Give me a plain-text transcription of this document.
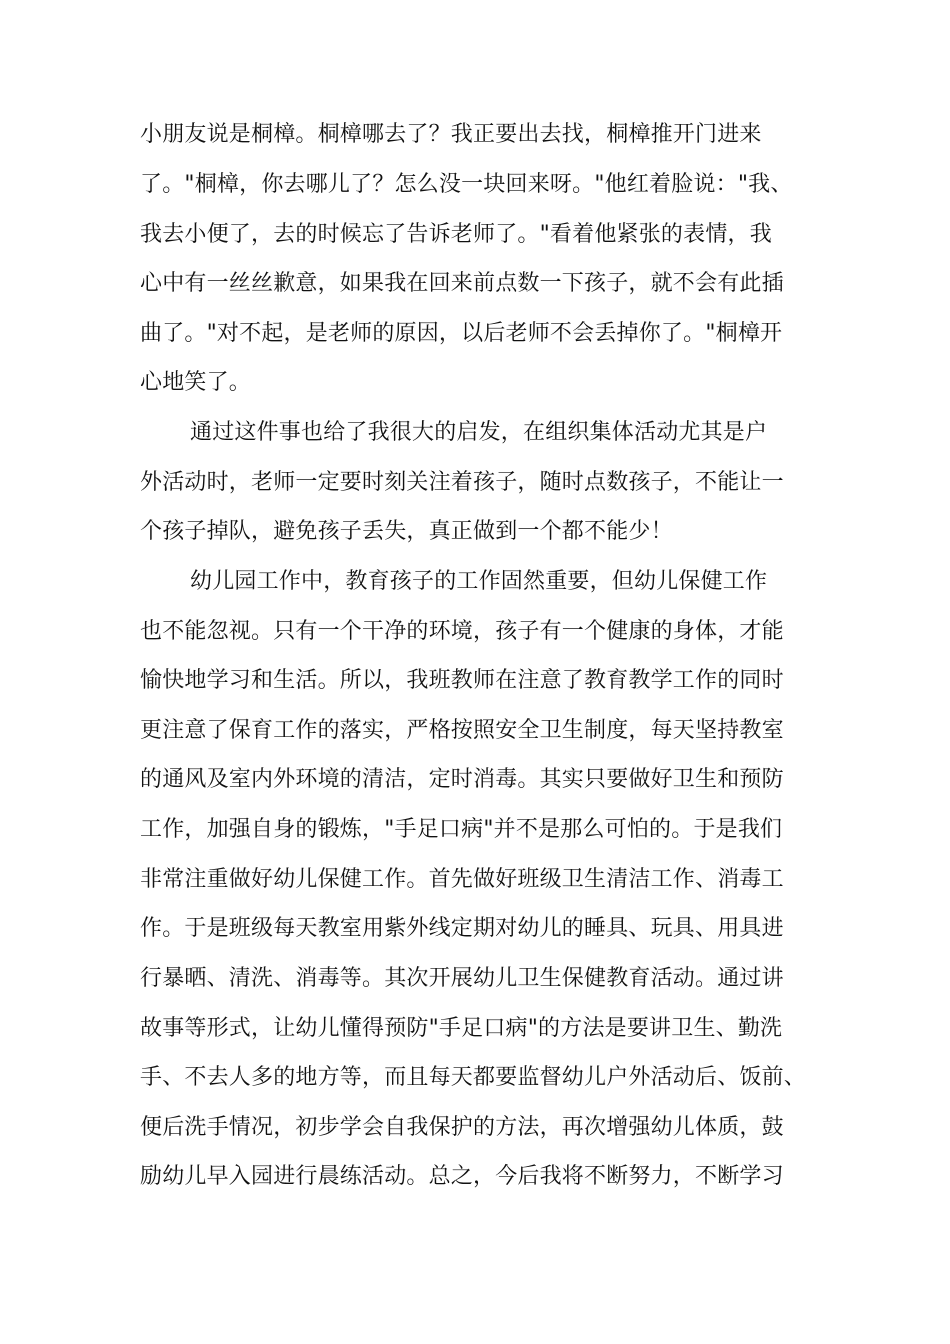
小朋友说是桐樟。桐樟哪去了？我正要出去找，桐樟推开门进来
了。"桐樟，你去哪儿了？怎么没一块回来呀。"他红着脸说："我、
我去小便了，去的时候忘了告诉老师了。"看着他紧张的表情，我
心中有一丝丝歉意，如果我在回来前点数一下孩子，就不会有此插
曲了。"对不起，是老师的原因，以后老师不会丢掉你了。"桐樟开
心地笑了。
通过这件事也给了我很大的启发，在组织集体活动尤其是户
外活动时，老师一定要时刻关注着孩子，随时点数孩子，不能让一
个孩子掉队，避免孩子丢失，真正做到一个都不能少！
幼儿园工作中，教育孩子的工作固然重要，但幼儿保健工作
也不能忽视。只有一个干净的环境，孩子有一个健康的身体，才能
愉快地学习和生活。所以，我班教师在注意了教育教学工作的同时
更注意了保育工作的落实，严格按照安全卫生制度，每天坚持教室
的通风及室内外环境的清洁，定时消毒。其实只要做好卫生和预防
工作，加强自身的锻炼，"手足口病"并不是那么可怕的。于是我们
非常注重做好幼儿保健工作。首先做好班级卫生清洁工作、消毒工
作。于是班级每天教室用紫外线定期对幼儿的睡具、玩具、用具进
行暴晒、清洗、消毒等。其次开展幼儿卫生保健教育活动。通过讲
故事等形式，让幼儿懂得预防"手足口病"的方法是要讲卫生、勤洗
手、不去人多的地方等，而且每天都要监督幼儿户外活动后、饭前、
便后洗手情况，初步学会自我保护的方法，再次增强幼儿体质，鼓
励幼儿早入园进行晨练活动。总之，今后我将不断努力，不断学习
